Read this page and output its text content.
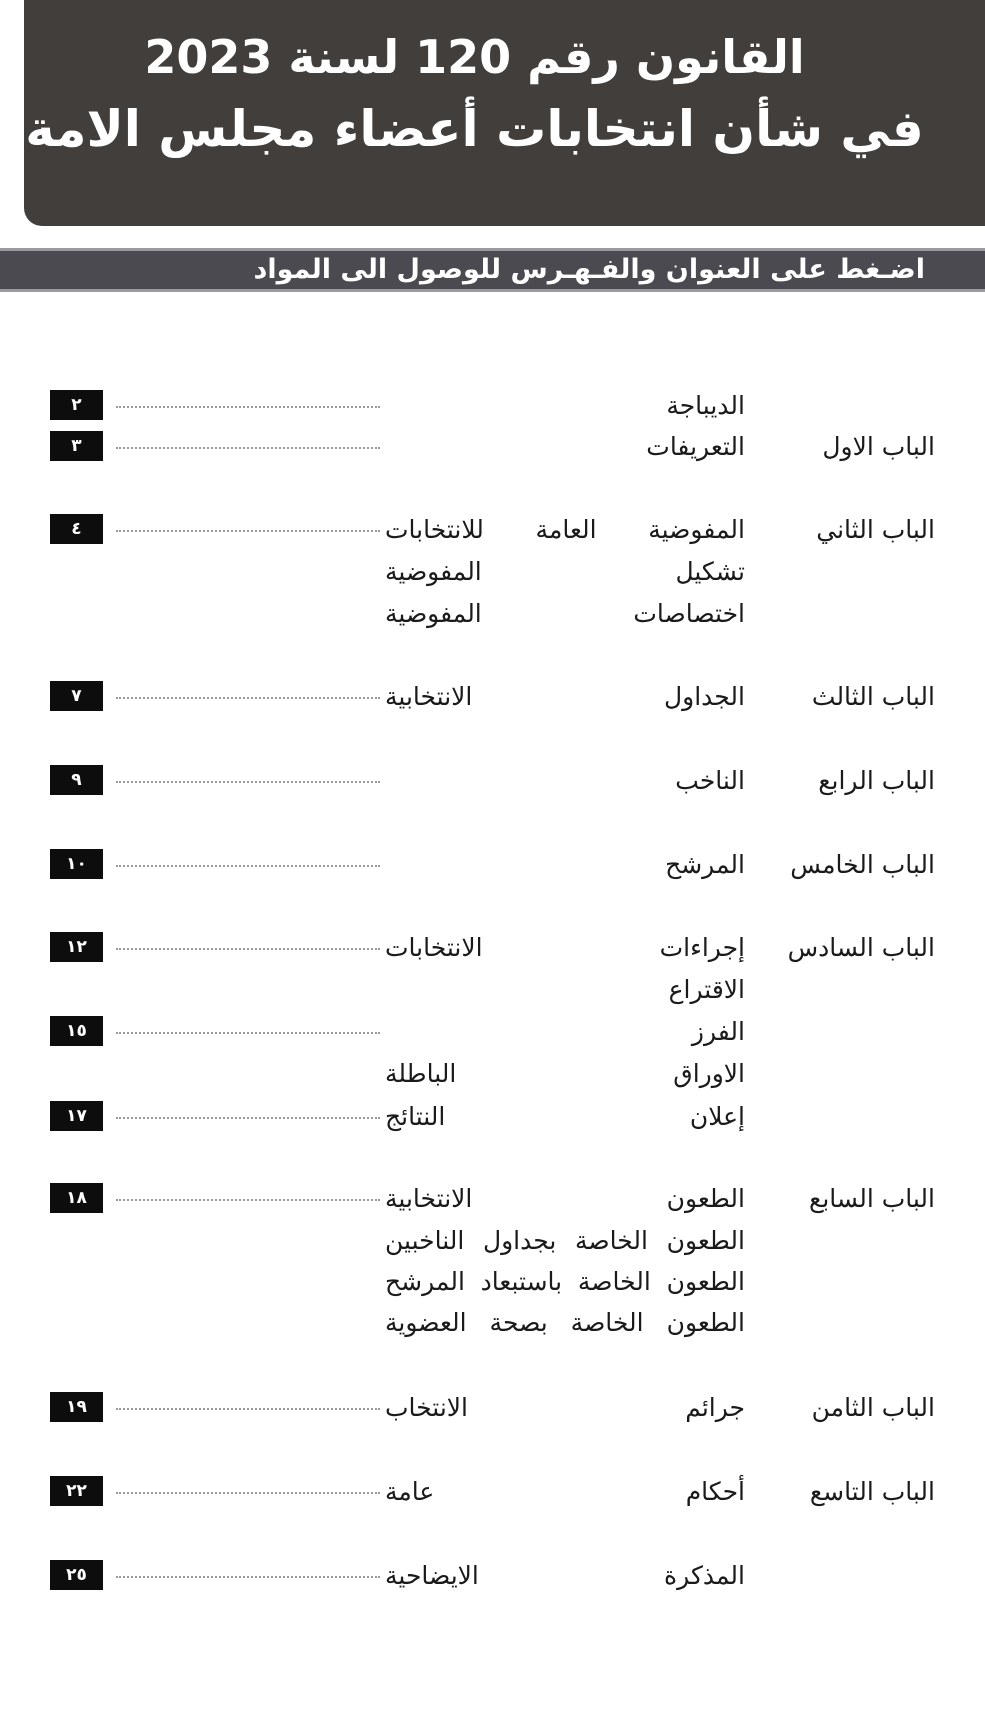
القانون رقم 120 لسنة 2023
في شأن انتخابات أعضاء مجلس الامة
اضـغط على العنوان والفـهـرس للوصول الى المواد
٢	الديباجة
٣	التعريفات	الباب الاول
٤	المفوضية العامة للانتخابات	الباب الثاني
تشكيل المفوضية
اختصاصات المفوضية
٧	الجداول الانتخابية	الباب الثالث
٩	الناخب	الباب الرابع
١٠	المرشح	الباب الخامس
١٢	إجراءات الانتخابات	الباب السادس
الاقتراع
١٥	الفرز
الاوراق الباطلة
١٧	إعلان النتائج
١٨	الطعون الانتخابية	الباب السابع
الطعون الخاصة بجداول الناخبين
الطعون الخاصة باستبعاد المرشح
الطعون الخاصة بصحة العضوية
١٩	جرائم الانتخاب	الباب الثامن
٢٢	أحكام عامة	الباب التاسع
٢٥	المذكرة الايضاحية
